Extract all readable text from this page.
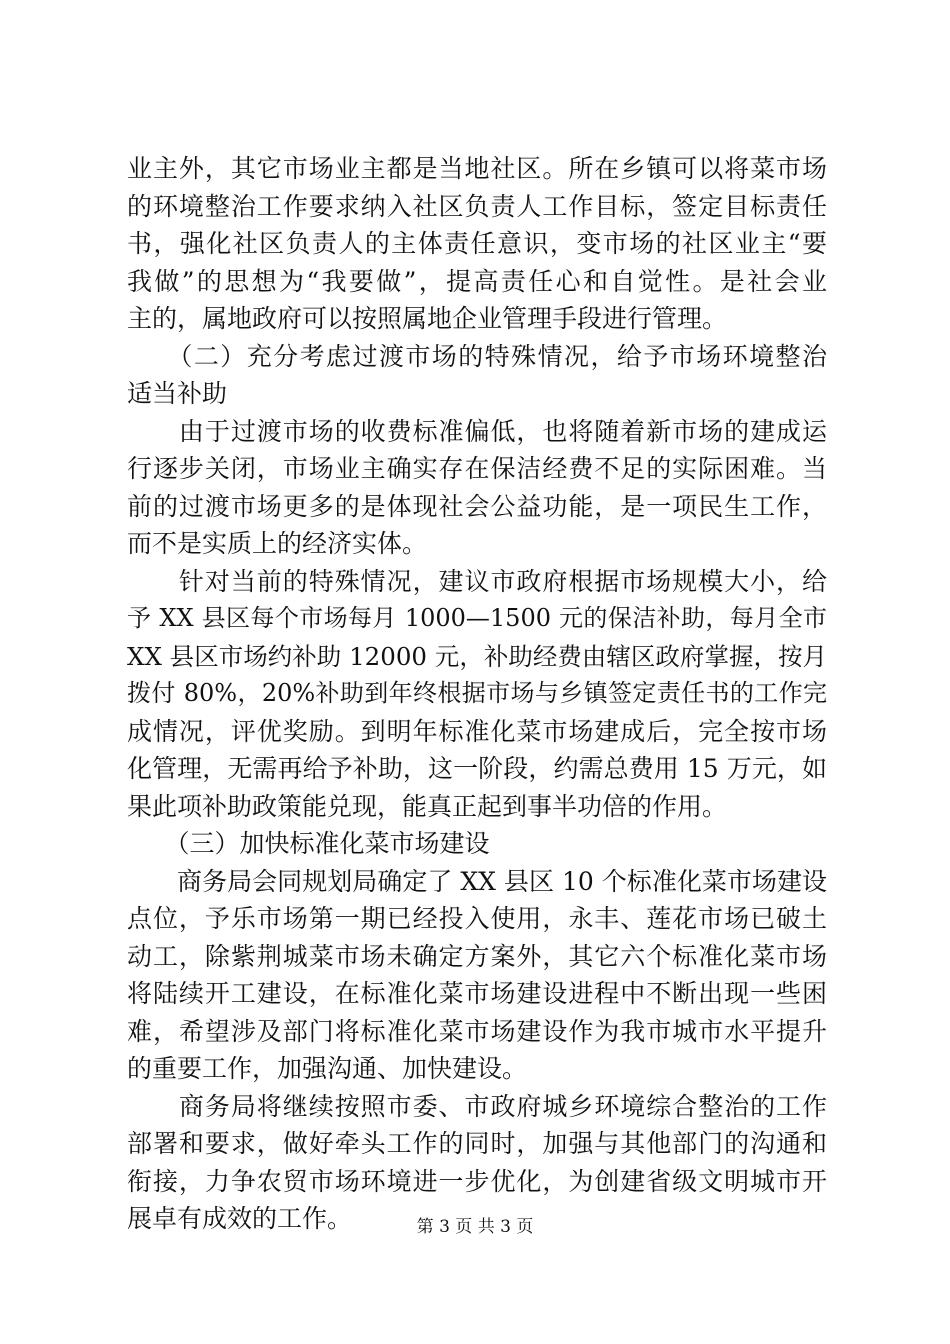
业主外，其它市场业主都是当地社区。所在乡镇可以将菜市场
的环境整治工作要求纳入社区负责人工作目标，签定目标责任
书，强化社区负责人的主体责任意识，变市场的社区业主“要
我做”的思想为“我要做”，提高责任心和自觉性。是社会业
主的，属地政府可以按照属地企业管理手段进行管理。
　　（二）充分考虑过渡市场的特殊情况，给予市场环境整治
适当补助
　　由于过渡市场的收费标准偏低，也将随着新市场的建成运
行逐步关闭，市场业主确实存在保洁经费不足的实际困难。当
前的过渡市场更多的是体现社会公益功能，是一项民生工作，
而不是实质上的经济实体。
　　针对当前的特殊情况，建议市政府根据市场规模大小，给
予 XX 县区每个市场每月 1000—1500 元的保洁补助，每月全市
XX 县区市场约补助 12000 元，补助经费由辖区政府掌握，按月
拨付 80%，20%补助到年终根据市场与乡镇签定责任书的工作完
成情况，评优奖励。到明年标准化菜市场建成后，完全按市场
化管理，无需再给予补助，这一阶段，约需总费用 15 万元，如
果此项补助政策能兑现，能真正起到事半功倍的作用。
　　（三）加快标准化菜市场建设
　　商务局会同规划局确定了 XX 县区 10 个标准化菜市场建设
点位，予乐市场第一期已经投入使用，永丰、莲花市场已破土
动工，除紫荆城菜市场未确定方案外，其它六个标准化菜市场
将陆续开工建设，在标准化菜市场建设进程中不断出现一些困
难，希望涉及部门将标准化菜市场建设作为我市城市水平提升
的重要工作，加强沟通、加快建设。
　　商务局将继续按照市委、市政府城乡环境综合整治的工作
部署和要求，做好牵头工作的同时，加强与其他部门的沟通和
衔接，力争农贸市场环境进一步优化，为创建省级文明城市开
展卓有成效的工作。	第 3 页 共 3 页
